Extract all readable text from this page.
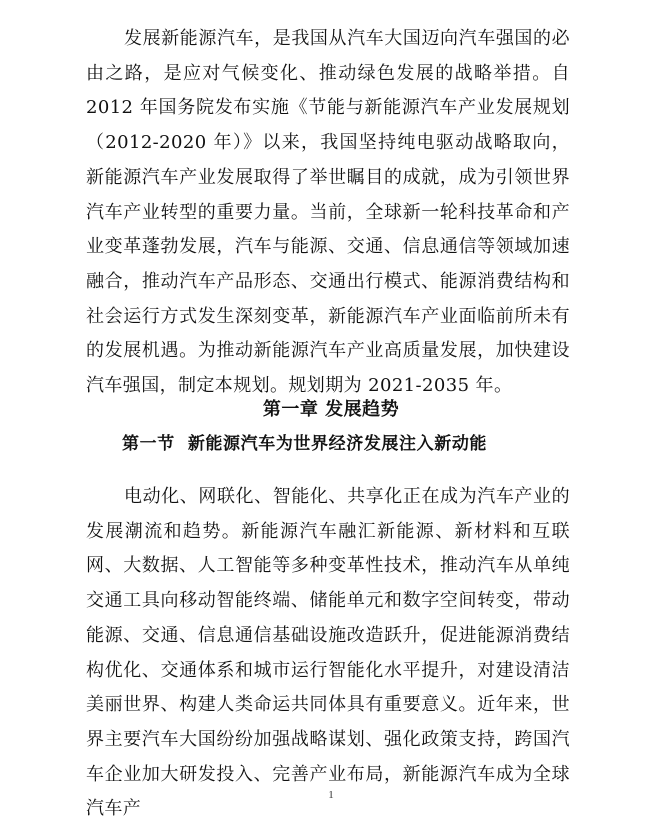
发展新能源汽车，是我国从汽车大国迈向汽车强国的必由之路，是应对气候变化、推动绿色发展的战略举措。自 2012 年国务院发布实施《节能与新能源汽车产业发展规划（2012-2020 年）》以来，我国坚持纯电驱动战略取向，新能源汽车产业发展取得了举世瞩目的成就，成为引领世界汽车产业转型的重要力量。当前，全球新一轮科技革命和产业变革蓬勃发展，汽车与能源、交通、信息通信等领域加速融合，推动汽车产品形态、交通出行模式、能源消费结构和社会运行方式发生深刻变革，新能源汽车产业面临前所未有的发展机遇。为推动新能源汽车产业高质量发展，加快建设汽车强国，制定本规划。规划期为 2021-2035 年。

第一章 发展趋势
第一节  新能源汽车为世界经济发展注入新动能

电动化、网联化、智能化、共享化正在成为汽车产业的发展潮流和趋势。新能源汽车融汇新能源、新材料和互联网、大数据、人工智能等多种变革性技术，推动汽车从单纯交通工具向移动智能终端、储能单元和数字空间转变，带动能源、交通、信息通信基础设施改造跃升，促进能源消费结构优化、交通体系和城市运行智能化水平提升，对建设清洁美丽世界、构建人类命运共同体具有重要意义。近年来，世界主要汽车大国纷纷加强战略谋划、强化政策支持，跨国汽车企业加大研发投入、完善产业布局，新能源汽车成为全球汽车产

1
